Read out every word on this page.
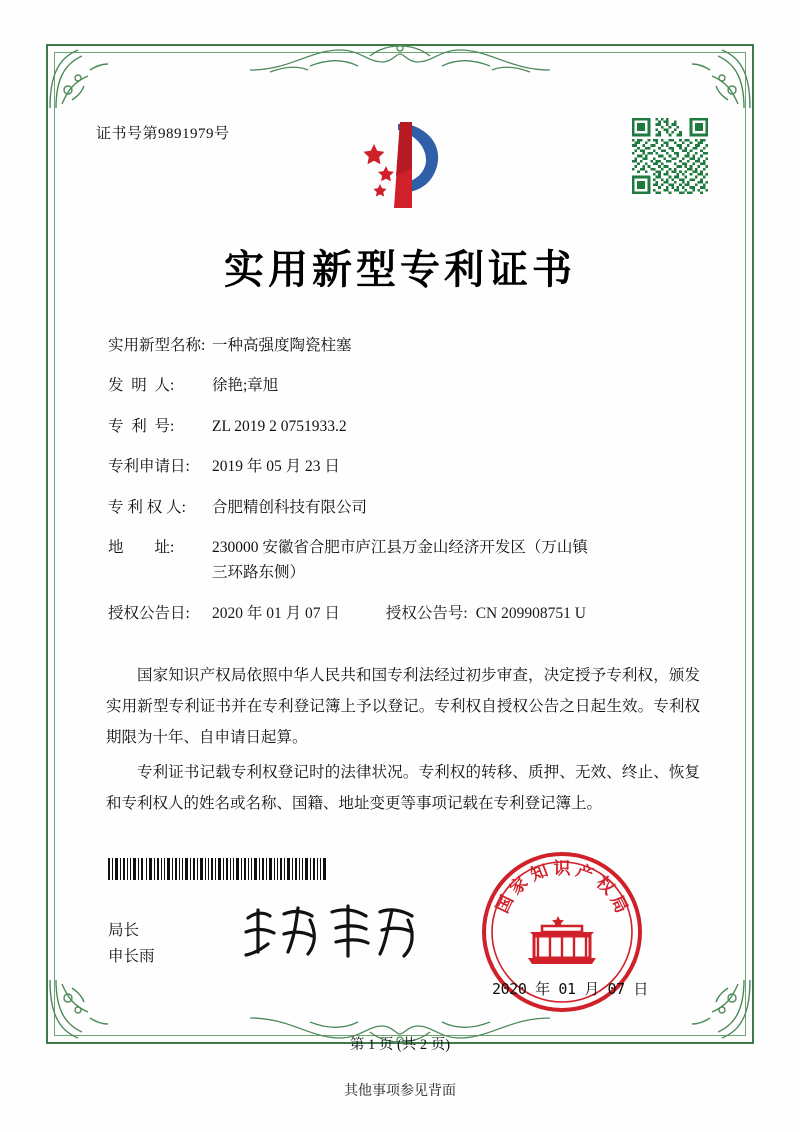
证书号第9891979号
实用新型专利证书
实用新型名称: 一种高强度陶瓷柱塞
发  明  人:	徐艳;章旭
专  利  号:	ZL 2019 2 0751933.2
专利申请日:	2019 年 05 月 23 日
专 利 权 人:	合肥精创科技有限公司
地        址:	230000 安徽省合肥市庐江县万金山经济开发区（万山镇
三环路东侧）
授权公告日:	2020 年 01 月 07 日	授权公告号: CN 209908751 U

国家知识产权局依照中华人民共和国专利法经过初步审查，决定授予专利权，颁发实用新型专利证书并在专利登记簿上予以登记。专利权自授权公告之日起生效。专利权期限为十年、自申请日起算。

专利证书记载专利权登记时的法律状况。专利权的转移、质押、无效、终止、恢复和专利权人的姓名或名称、国籍、地址变更等事项记载在专利登记簿上。

局长
申长雨
国
家
知 识 产
权
局
2020 年 01 月 07 日
第 1 页 (共 2 页)
其他事项参见背面
